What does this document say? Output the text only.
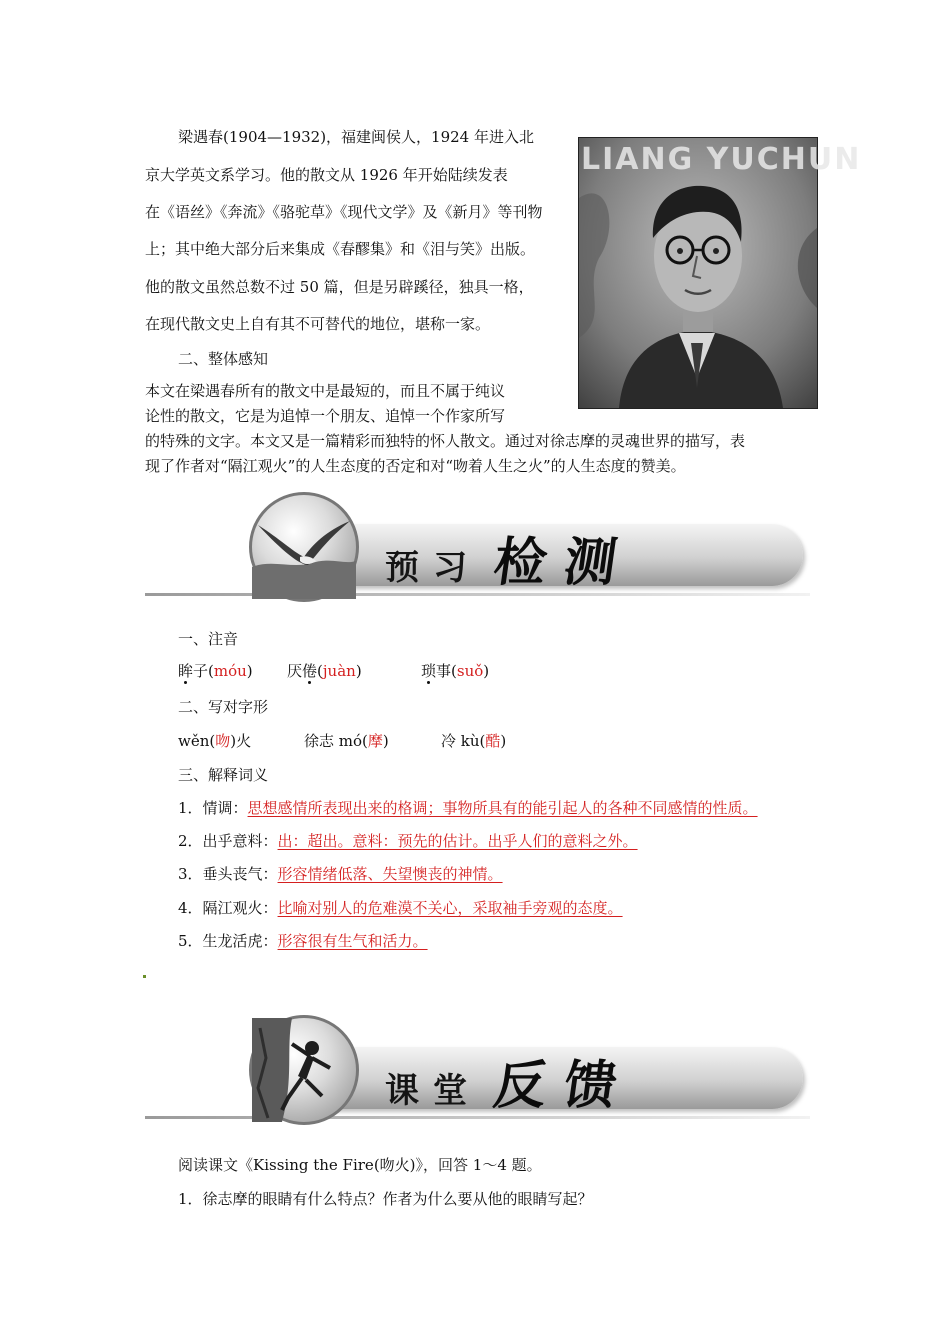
梁遇春(1904—1932)，福建闽侯人，1924 年进入北
京大学英文系学习。他的散文从 1926 年开始陆续发表
在《语丝》《奔流》《骆驼草》《现代文学》及《新月》等刊物
上；其中绝大部分后来集成《春醪集》和《泪与笑》出版。
他的散文虽然总数不过 50 篇，但是另辟蹊径，独具一格，
在现代散文史上自有其不可替代的地位，堪称一家。
二、整体感知
本文在梁遇春所有的散文中是最短的，而且不属于纯议
论性的散文，它是为追悼一个朋友、追悼一个作家所写
的特殊的文字。本文又是一篇精彩而独特的怀人散文。通过对徐志摩的灵魂世界的描写，表
现了作者对“隔江观火”的人生态度的否定和对“吻着人生之火”的人生态度的赞美。
LIANG YUCHUN
预习 检测
一、注音
眸子(móu) 厌倦(juàn)	琐事(suǒ)
二、写对字形
wěn(吻)火	徐志 mó(摩)	冷 kù(酷)
三、解释词义
1．情调：思想感情所表现出来的格调；事物所具有的能引起人的各种不同感情的性质。
2．出乎意料：出：超出。意料：预先的估计。出乎人们的意料之外。
3．垂头丧气：形容情绪低落、失望懊丧的神情。
4．隔江观火：比喻对别人的危难漠不关心，采取袖手旁观的态度。
5．生龙活虎：形容很有生气和活力。
课堂 反馈
阅读课文《Kissing the Fire(吻火)》，回答 1～4 题。
1．徐志摩的眼睛有什么特点？作者为什么要从他的眼睛写起？
